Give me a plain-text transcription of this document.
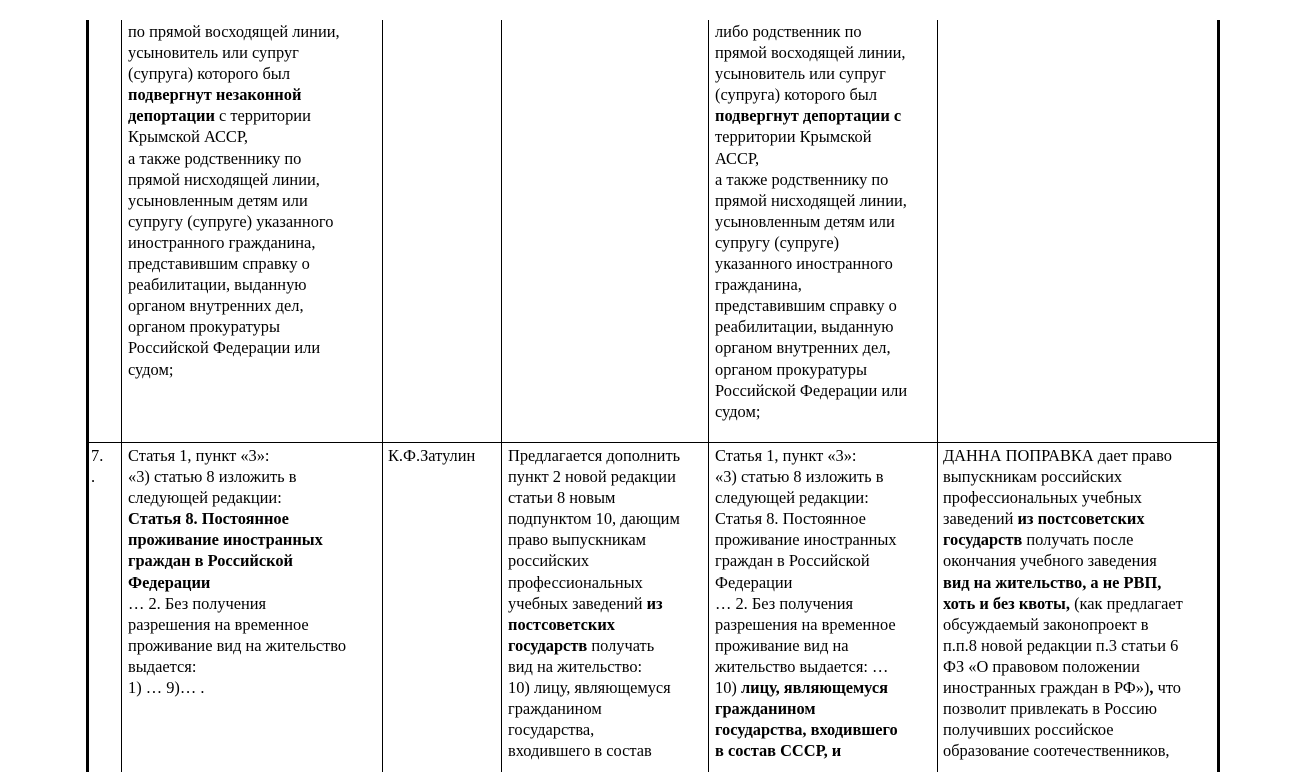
по прямой восходящей линии,
усыновитель или супруг
(супруга) которого был
подвергнут незаконной
депортации с территории
Крымской АССР,
а также родственнику по
прямой нисходящей линии,
усыновленным детям или
супругу (супруге) указанного
иностранного гражданина,
представившим справку о
реабилитации, выданную
органом внутренних дел,
органом прокуратуры
Российской Федерации или
судом;
либо родственник по
прямой восходящей линии,
усыновитель или супруг
(супруга) которого был
подвергнут депортации с
территории Крымской
АССР,
а также родственнику по
прямой нисходящей линии,
усыновленным детям или
супругу (супруге)
указанного иностранного
гражданина,
представившим справку о
реабилитации, выданную
органом внутренних дел,
органом прокуратуры
Российской Федерации или
судом;
7.
.
Статья 1, пункт «3»:
«3) статью 8 изложить в
следующей редакции:
Статья 8. Постоянное
проживание иностранных
граждан в Российской
Федерации
… 2. Без получения
разрешения на временное
проживание вид на жительство
выдается:
1) … 9)… .
К.Ф.Затулин Предлагается дополнить
пункт 2 новой редакции
статьи 8 новым
подпунктом 10, дающим
право выпускникам
российских
профессиональных
учебных заведений из
постсоветских
государств получать
вид на жительство:
10) лицу, являющемуся
гражданином
государства,
входившего в состав
Статья 1, пункт «3»:
«3) статью 8 изложить в
следующей редакции:
Статья 8. Постоянное
проживание иностранных
граждан в Российской
Федерации
… 2. Без получения
разрешения на временное
проживание вид на
жительство выдается: …
10) лицу, являющемуся
гражданином
государства, входившего
в состав СССР, и
ДАННА ПОПРАВКА дает право
выпускникам российских
профессиональных учебных
заведений из постсоветских
государств получать после
окончания учебного заведения
вид на жительство, а не РВП,
хоть и без квоты, (как предлагает
обсуждаемый законопроект в
п.п.8 новой редакции п.3 статьи 6
ФЗ «О правовом положении
иностранных граждан в РФ»), что
позволит привлекать в Россию
получивших российское
образование соотечественников,
